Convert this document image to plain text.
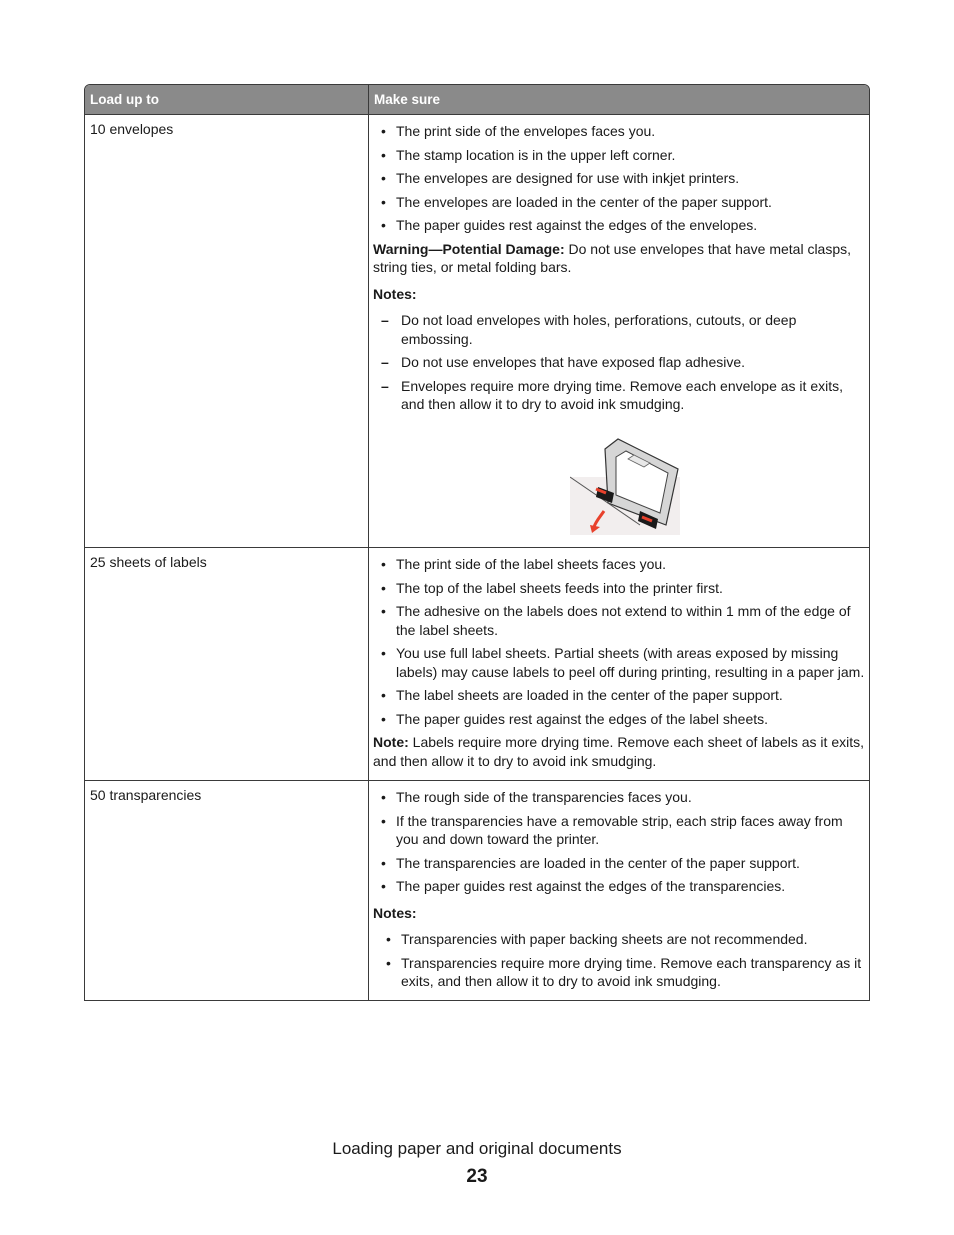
Load up to	Make sure
10 envelopes	• The print side of the envelopes faces you.
• The stamp location is in the upper left corner.
• The envelopes are designed for use with inkjet printers.
• The envelopes are loaded in the center of the paper support.
• The paper guides rest against the edges of the envelopes.

Warning—Potential Damage: Do not use envelopes that have metal clasps, string ties, or metal folding bars.

Notes:

– Do not load envelopes with holes, perforations, cutouts, or deep embossing.
– Do not use envelopes that have exposed flap adhesive.
– Envelopes require more drying time. Remove each envelope as it exits, and then allow it to dry to avoid ink smudging.
25 sheets of labels	• The print side of the label sheets faces you.
• The top of the label sheets feeds into the printer first.
• The adhesive on the labels does not extend to within 1 mm of the edge of the label sheets.
• You use full label sheets. Partial sheets (with areas exposed by missing labels) may cause labels to peel off during printing, resulting in a paper jam.
• The label sheets are loaded in the center of the paper support.
• The paper guides rest against the edges of the label sheets.

Note: Labels require more drying time. Remove each sheet of labels as it exits, and then allow it to dry to avoid ink smudging.

50 transparencies	• The rough side of the transparencies faces you.
• If the transparencies have a removable strip, each strip faces away from you and down toward the printer.
• The transparencies are loaded in the center of the paper support.
• The paper guides rest against the edges of the transparencies.

Notes:

• Transparencies with paper backing sheets are not recommended.
• Transparencies require more drying time. Remove each transparency as it exits, and then allow it to dry to avoid ink smudging.
Loading paper and original documents
23
